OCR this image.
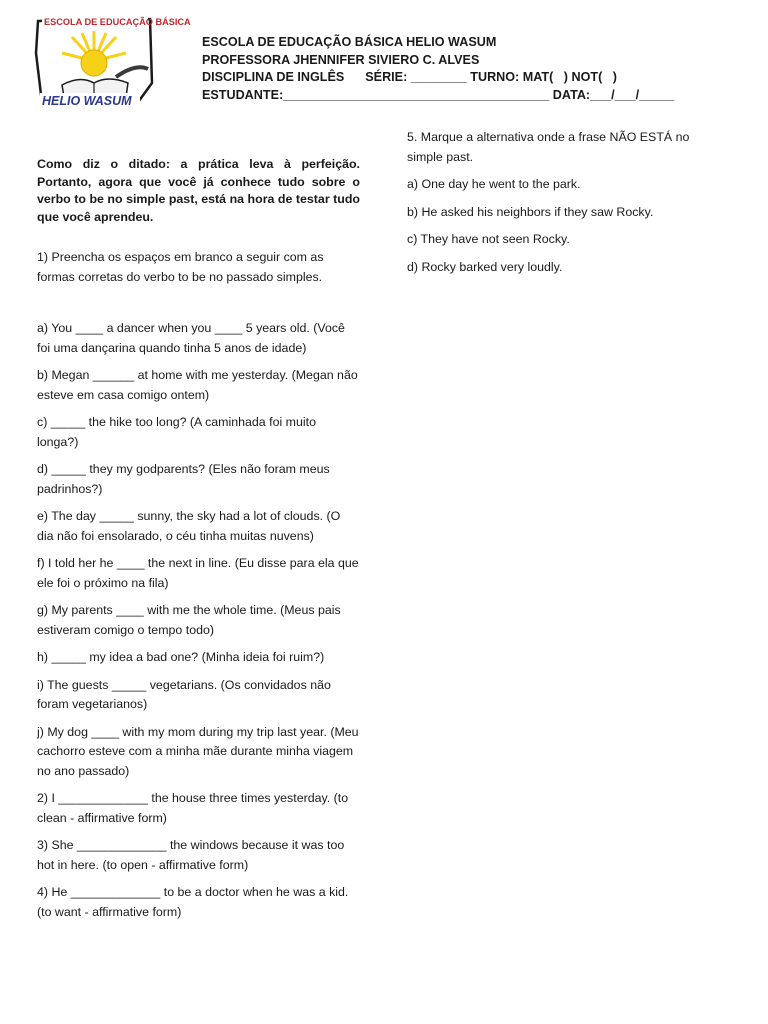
ESCOLA DE EDUCAÇÃO BÁSICA
HELIO WASUM
ESCOLA DE EDUCAÇÃO BÁSICA HELIO WASUM
PROFESSORA JHENNIFER SIVIERO C. ALVES
DISCIPLINA DE INGLÊS      SÉRIE: ________ TURNO: MAT(   ) NOT(   )
ESTUDANTE:______________________________________ DATA:___/___/_____

Como diz o ditado: a prática leva à perfeição. Portanto, agora que você já conhece tudo sobre o verbo to be no simple past, está na hora de testar tudo que você aprendeu.

1) Preencha os espaços em branco a seguir com as formas corretas do verbo to be no passado simples.

a) You ____ a dancer when you ____ 5 years old. (Você foi uma dançarina quando tinha 5 anos de idade)

b) Megan ______ at home with me yesterday. (Megan não esteve em casa comigo ontem)

c) _____ the hike too long? (A caminhada foi muito longa?)

d) _____ they my godparents? (Eles não foram meus padrinhos?)

e) The day _____ sunny, the sky had a lot of clouds. (O dia não foi ensolarado, o céu tinha muitas nuvens)

f) I told her he ____ the next in line. (Eu disse para ela que ele foi o próximo na fila)

g) My parents ____ with me the whole time. (Meus pais estiveram comigo o tempo todo)

h) _____ my idea a bad one? (Minha ideia foi ruim?)

i) The guests _____ vegetarians. (Os convidados não foram vegetarianos)

j) My dog ____ with my mom during my trip last year. (Meu cachorro esteve com a minha mãe durante minha viagem no ano passado)

2) I _____________ the house three times yesterday. (to clean - affirmative form)

3) She _____________ the windows because it was too hot in here. (to open - affirmative form)

4) He _____________ to be a doctor when he was a kid. (to want - affirmative form)

5. Marque a alternativa onde a frase NÃO ESTÁ no simple past.

a) One day he went to the park.

b) He asked his neighbors if they saw Rocky.

c) They have not seen Rocky.

d) Rocky barked very loudly.
